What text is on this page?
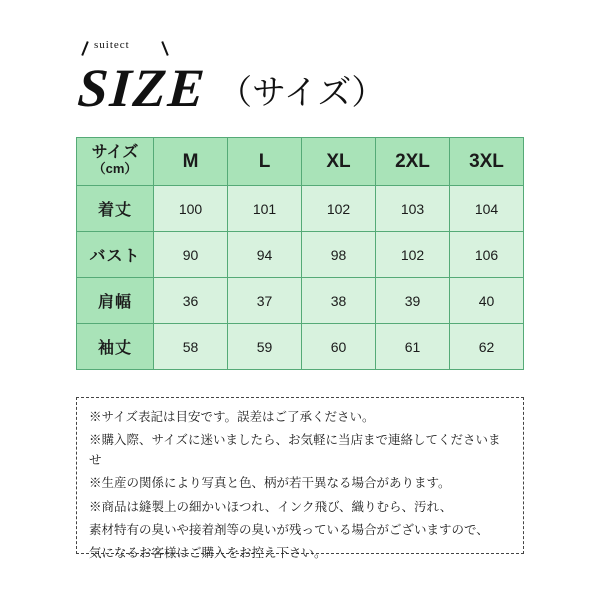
suitect
SIZE （サイズ）
サイズ
（cm）	M	L	XL	2XL	3XL
着丈	100	101	102	103	104
バスト	90	94	98	102	106
肩幅	36	37	38	39	40
袖丈	58	59	60	61	62

※サイズ表記は目安です。誤差はご了承ください。

※購入際、サイズに迷いましたら、お気軽に当店まで連絡してくださいませ

※生産の関係により写真と色、柄が若干異なる場合があります。

※商品は縫製上の細かいほつれ、インク飛び、織りむら、汚れ、

素材特有の臭いや接着剤等の臭いが残っている場合がございますので、

気になるお客様はご購入をお控え下さい。
